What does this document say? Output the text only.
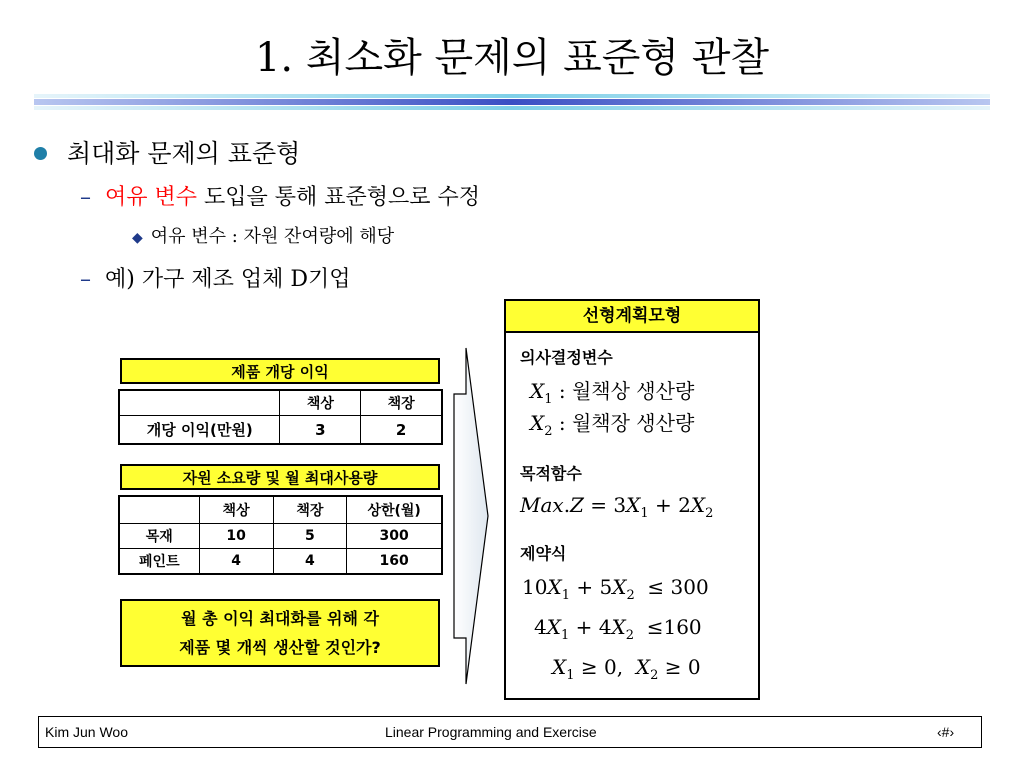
1. 최소화 문제의 표준형 관찰
최대화 문제의 표준형
– 여유 변수 도입을 통해 표준형으로 수정
◆ 여유 변수 : 자원 잔여량에 해당
– 예) 가구 제조 업체 D기업
제품 개당 이익
	책상	책장
개당 이익(만원)	3	2
자원 소요량 및 월 최대사용량
	책상	책장	상한(월)
목재	10	5	300
페인트	4	4	160
월 총 이익 최대화를 위해 각
제품 몇 개씩 생산할 것인가?
선형계획모형
의사결정변수
$X_1$ : 월책상 생산량
$X_2$ : 월책장 생산량
목적함수
$Max.Z = 3X_1 + 2X_2$
제약식
$10X_1 + 5X_2 \le 300$
$4X_1 + 4X_2 \le 160$
$X_1 \ge 0$,  $X_2 \ge 0$
Kim Jun Woo	Linear Programming and Exercise	‹#›
